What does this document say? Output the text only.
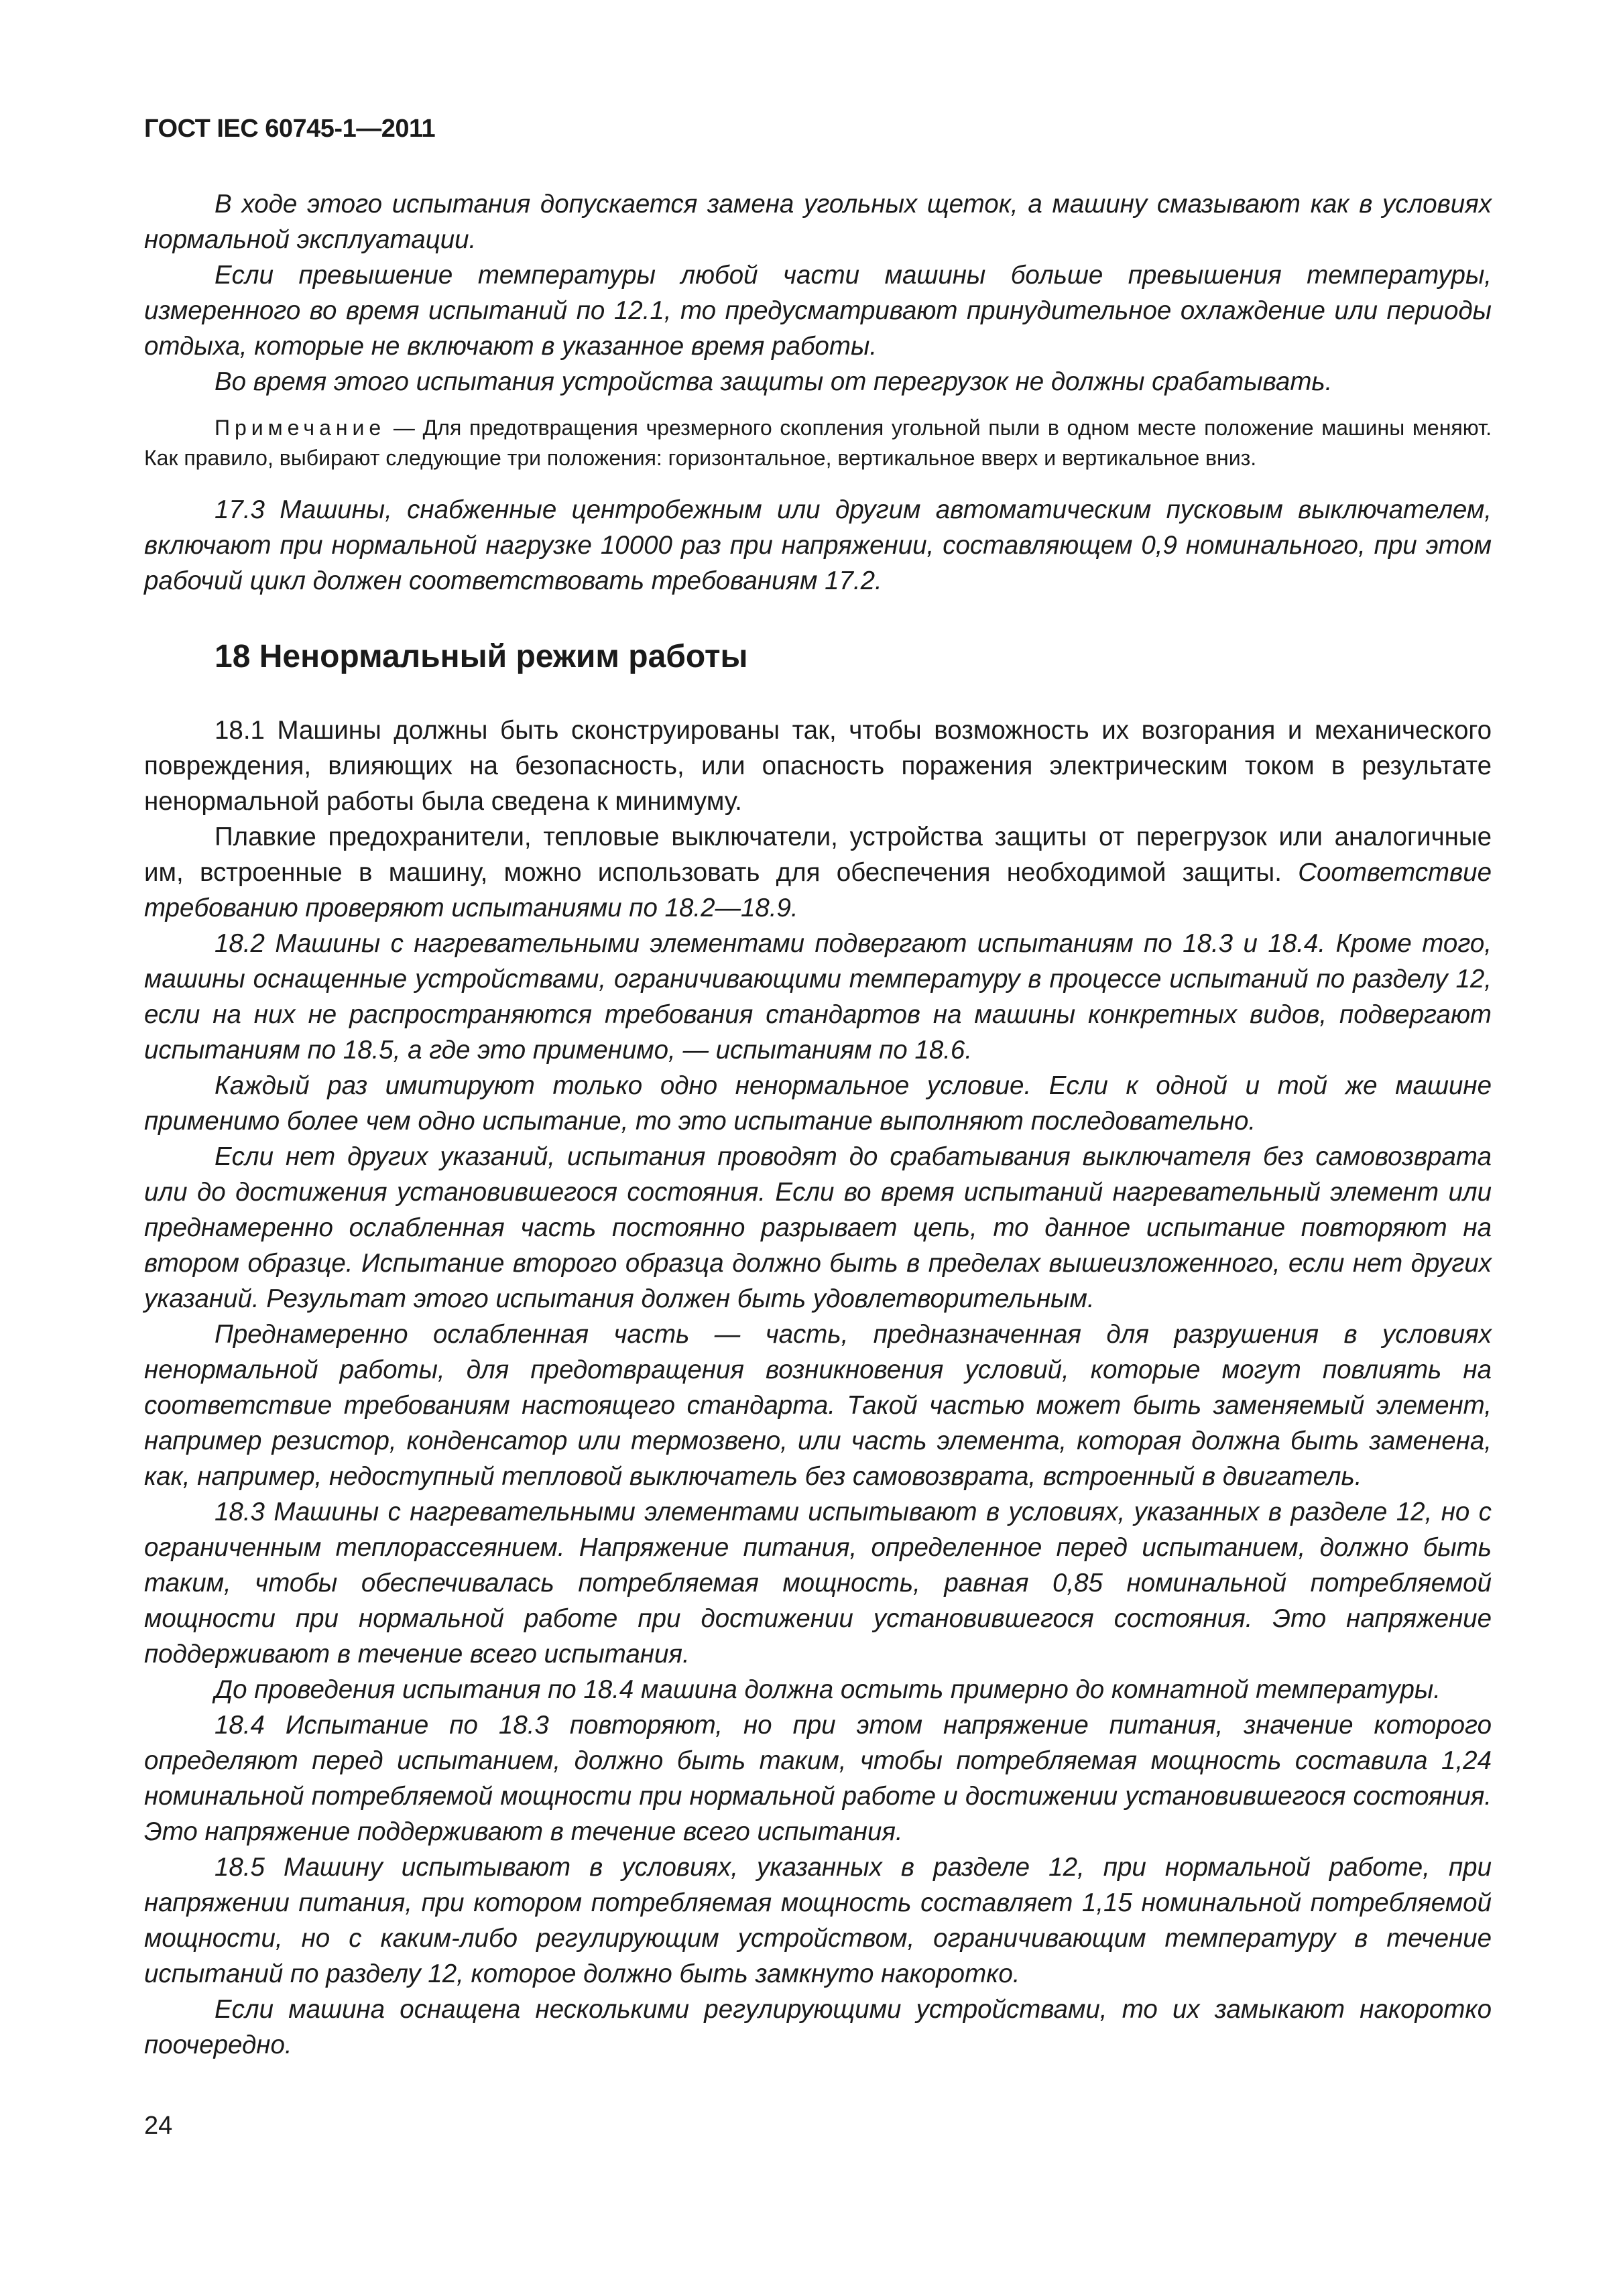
ГОСТ IEC 60745-1—2011

В ходе этого испытания допускается замена угольных щеток, а машину смазывают как в условиях нормальной эксплуатации.

Если превышение температуры любой части машины больше превышения температуры, измеренного во время испытаний по 12.1, то предусматривают принудительное охлаждение или периоды отдыха, которые не включают в указанное время работы.

Во время этого испытания устройства защиты от перегрузок не должны срабатывать.

Примечание — Для предотвращения чрезмерного скопления угольной пыли в одном месте положение машины меняют. Как правило, выбирают следующие три положения: горизонтальное, вертикальное вверх и вертикальное вниз.

17.3 Машины, снабженные центробежным или другим автоматическим пусковым выключателем, включают при нормальной нагрузке 10000 раз при напряжении, составляющем 0,9 номинального, при этом рабочий цикл должен соответствовать требованиям 17.2.

18 Ненормальный режим работы

18.1 Машины должны быть сконструированы так, чтобы возможность их возгорания и механического повреждения, влияющих на безопасность, или опасность поражения электрическим током в результате ненормальной работы была сведена к минимуму.

Плавкие предохранители, тепловые выключатели, устройства защиты от перегрузок или аналогичные им, встроенные в машину, можно использовать для обеспечения необходимой защиты. Соответствие требованию проверяют испытаниями по 18.2—18.9.

18.2 Машины с нагревательными элементами подвергают испытаниям по 18.3 и 18.4. Кроме того, машины оснащенные устройствами, ограничивающими температуру в процессе испытаний по разделу 12, если на них не распространяются требования стандартов на машины конкретных видов, подвергают испытаниям по 18.5, а где это применимо, — испытаниям по 18.6.

Каждый раз имитируют только одно ненормальное условие. Если к одной и той же машине применимо более чем одно испытание, то это испытание выполняют последовательно.

Если нет других указаний, испытания проводят до срабатывания выключателя без самовозврата или до достижения установившегося состояния. Если во время испытаний нагревательный элемент или преднамеренно ослабленная часть постоянно разрывает цепь, то данное испытание повторяют на втором образце. Испытание второго образца должно быть в пределах вышеизложенного, если нет других указаний. Результат этого испытания должен быть удовлетворительным.

Преднамеренно ослабленная часть — часть, предназначенная для разрушения в условиях ненормальной работы, для предотвращения возникновения условий, которые могут повлиять на соответствие требованиям настоящего стандарта. Такой частью может быть заменяемый элемент, например резистор, конденсатор или термозвено, или часть элемента, которая должна быть заменена, как, например, недоступный тепловой выключатель без самовозврата, встроенный в двигатель.

18.3 Машины с нагревательными элементами испытывают в условиях, указанных в разделе 12, но с ограниченным теплорассеянием. Напряжение питания, определенное перед испытанием, должно быть таким, чтобы обеспечивалась потребляемая мощность, равная 0,85 номинальной потребляемой мощности при нормальной работе при достижении установившегося состояния. Это напряжение поддерживают в течение всего испытания.

До проведения испытания по 18.4 машина должна остыть примерно до комнатной температуры.

18.4 Испытание по 18.3 повторяют, но при этом напряжение питания, значение которого определяют перед испытанием, должно быть таким, чтобы потребляемая мощность составила 1,24 номинальной потребляемой мощности при нормальной работе и достижении установившегося состояния. Это напряжение поддерживают в течение всего испытания.

18.5 Машину испытывают в условиях, указанных в разделе 12, при нормальной работе, при напряжении питания, при котором потребляемая мощность составляет 1,15 номинальной потребляемой мощности, но с каким-либо регулирующим устройством, ограничивающим температуру в течение испытаний по разделу 12, которое должно быть замкнуто накоротко.

Если машина оснащена несколькими регулирующими устройствами, то их замыкают накоротко поочередно.

24
